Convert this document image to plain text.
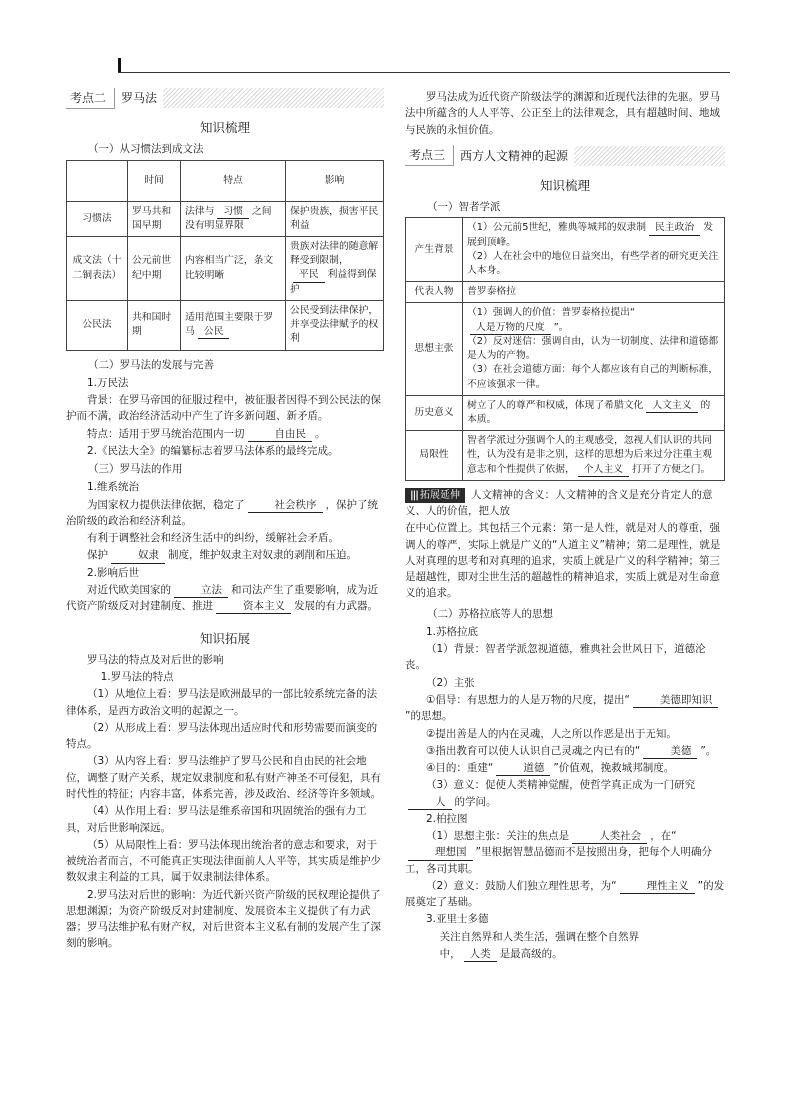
考点二	罗马法
知识梳理
（一）从习惯法到成文法
	时间	特点	影响
习惯法	罗马共和国早期	法律与 习惯 之间没有明显界限	保护贵族，损害平民利益
成文法（十二铜表法）	公元前世纪中期	内容相当广泛，条文比较明晰	贵族对法律的随意解释受到限制，平民 利益得到保护
公民法	共和国时期	适用范围主要限于罗马 公民	公民受到法律保护，并享受法律赋予的权利
（二）罗马法的发展与完善
1.万民法
背景：在罗马帝国的征服过程中，被征服者因得不到公民法的保护而不满，政治经济活动中产生了许多新问题、新矛盾。
特点：适用于罗马统治范围内一切	自由民 。
2.《民法大全》的编纂标志着罗马法体系的最终完成。
（三）罗马法的作用
1.维系统治
为国家权力提供法律依据，稳定了	社会秩序 ，保护了统治阶级的政治和经济利益。
有利于调整社会和经济生活中的纠纷，缓解社会矛盾。
保护	奴隶 制度，维护奴隶主对奴隶的剥削和压迫。
2.影响后世
对近代欧美国家的	立法 和司法产生了重要影响，成为近代资产阶级反对封建制度、推进	资本主义 发展的有力武器。
知识拓展
罗马法的特点及对后世的影响
1.罗马法的特点
（1）从地位上看：罗马法是欧洲最早的一部比较系统完备的法律体系，是西方政治文明的起源之一。
（2）从形成上看：罗马法体现出适应时代和形势需要而演变的特点。
（3）从内容上看：罗马法维护了罗马公民和自由民的社会地位，调整了财产关系，规定奴隶制度和私有财产神圣不可侵犯，具有时代性的特征；内容丰富，体系完善，涉及政治、经济等许多领域。
（4）从作用上看：罗马法是维系帝国和巩固统治的强有力工具，对后世影响深远。
（5）从局限性上看：罗马法体现出统治者的意志和要求，对于被统治者而言，不可能真正实现法律面前人人平等，其实质是维护少数奴隶主利益的工具，属于奴隶制法律体系。
2.罗马法对后世的影响：为近代新兴资产阶级的民权理论提供了思想渊源；为资产阶级反对封建制度、发展资本主义提供了有力武器；罗马法维护私有财产权，对后世资本主义私有制的发展产生了深刻的影响。
罗马法成为近代资产阶级法学的渊源和近现代法律的先驱。罗马法中所蕴含的人人平等、公正至上的法律观念，具有超越时间、地域与民族的永恒价值。
考点三	西方人文精神的起源
知识梳理
（一）智者学派
产生背景	（1）公元前5世纪，雅典等城邦的奴隶制 民主政治 发展到顶峰。
（2）人在社会中的地位日益突出，有些学者的研究更关注人本身。
代表人物	普罗泰格拉
思想主张	（1）强调人的价值：普罗泰格拉提出“人是万物的尺度 ”。
（2）反对迷信：强调自由，认为一切制度、法律和道德都是人为的产物。
（3）在社会道德方面：每个人都应该有自己的判断标准，不应该强求一律。
历史意义	树立了人的尊严和权威，体现了希腊文化 人文主义 的本质。
局限性	智者学派过分强调个人的主观感受，忽视人们认识的共同性，认为没有是非之别，这样的思想为后来过分注重主观意志和个性提供了依据， 个人主义 打开了方便之门。
||| 拓展延伸 人文精神的含义：人文精神的含义是充分肯定人的意义、人的价值，把人放
在中心位置上。其包括三个元素：第一是人性，就是对人的尊重，强调人的尊严，实际上就是广义的“人道主义”精神；第二是理性，就是人对真理的思考和对真理的追求，实质上就是广义的科学精神；第三是超越性，即对尘世生活的超越性的精神追求，实质上就是对生命意义的追求。
（二）苏格拉底等人的思想
1.苏格拉底
（1）背景：智者学派忽视道德，雅典社会世风日下，道德沦丧。
（2）主张
①倡导：有思想力的人是万物的尺度，提出“	美德即知识”的思想。
②提出善是人的内在灵魂，人之所以作恶是出于无知。
③指出教育可以使人认识自己灵魂之内已有的“	美德 ”。
④目的：重建“	道德 ”价值观，挽救城邦制度。
（3）意义：促使人类精神觉醒，使哲学真正成为一门研究人 的学问。
2.柏拉图
（1）思想主张：关注的焦点是	人类社会 ，在“理想国 ”里根据智慧品德而不是按照出身，把每个人明确分工，各司其职。
（2）意义：鼓励人们独立理性思考，为“	理性主义 ”的发展奠定了基础。
3.亚里士多德
关注自然界和人类生活，强调在整个自然界
中， 人类 是最高级的。
